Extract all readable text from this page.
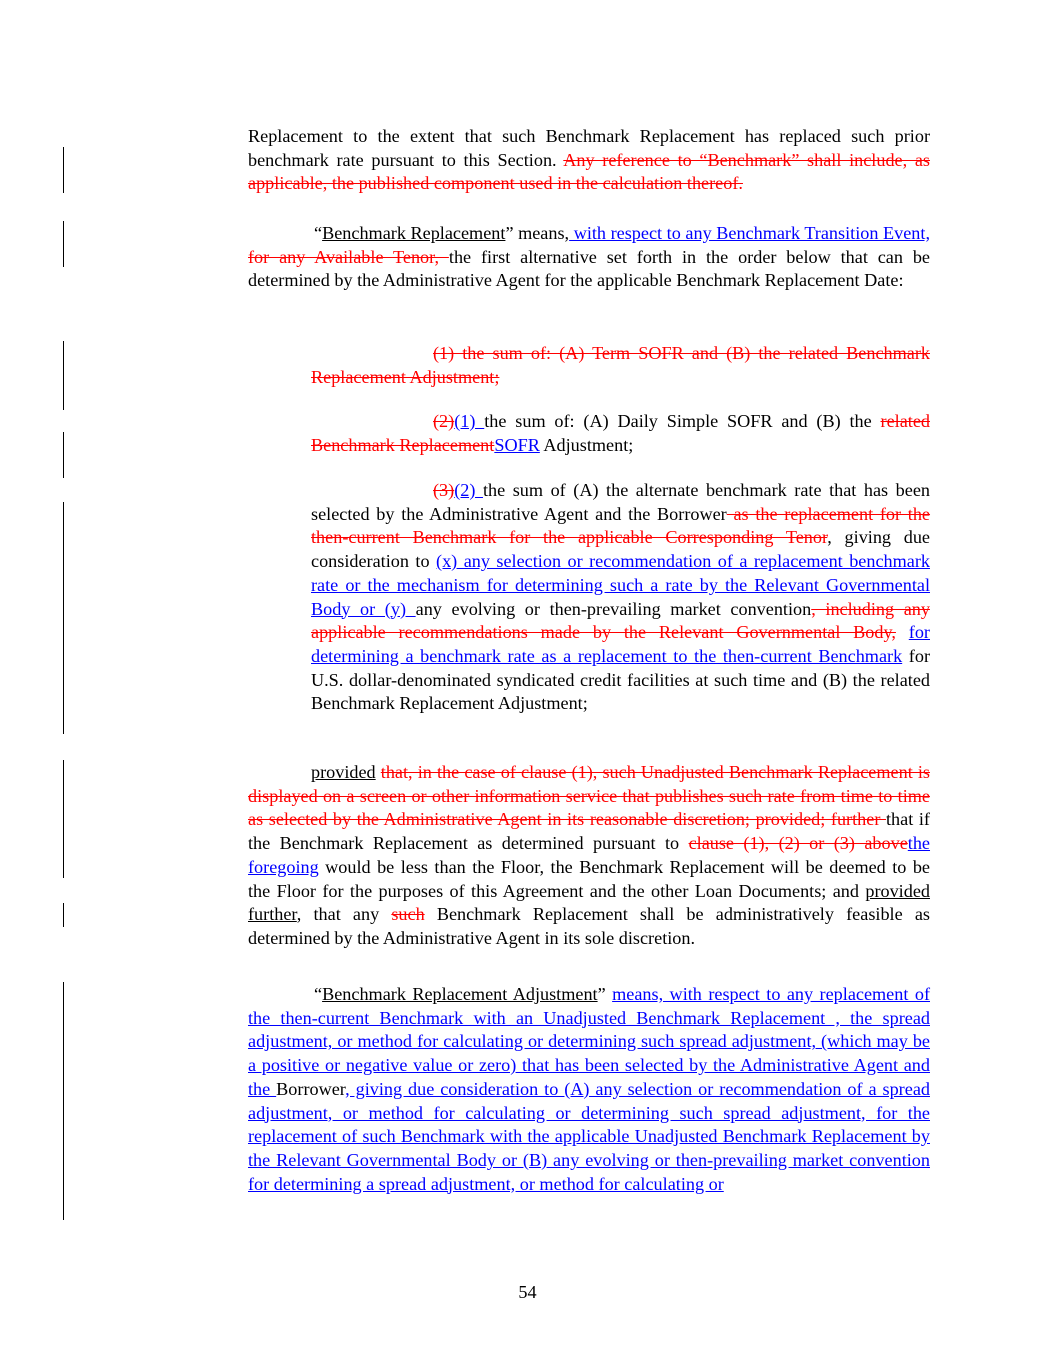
Replacement to the extent that such Benchmark Replacement has replaced such prior benchmark rate pursuant to this Section. Any reference to “Benchmark” shall include, as applicable, the published component used in the calculation thereof.
“Benchmark Replacement” means, with respect to any Benchmark Transition Event, for any Available Tenor, the first alternative set forth in the order below that can be determined by the Administrative Agent for the applicable Benchmark Replacement Date:
(1) the sum of: (A) Term SOFR and (B) the related Benchmark Replacement Adjustment;
(2)(1) the sum of: (A) Daily Simple SOFR and (B) the related Benchmark ReplacementSOFR Adjustment;
(3)(2) the sum of (A) the alternate benchmark rate that has been selected by the Administrative Agent and the Borrower as the replacement for the then-current Benchmark for the applicable Corresponding Tenor, giving due consideration to (x) any selection or recommendation of a replacement benchmark rate or the mechanism for determining such a rate by the Relevant Governmental Body or (y) any evolving or then-prevailing market convention, including any applicable recommendations made by the Relevant Governmental Body, for determining a benchmark rate as a replacement to the then-current Benchmark for U.S. dollar-denominated syndicated credit facilities at such time and (B) the related Benchmark Replacement Adjustment;
provided that, in the case of clause (1), such Unadjusted Benchmark Replacement is displayed on a screen or other information service that publishes such rate from time to time as selected by the Administrative Agent in its reasonable discretion; provided; further that if the Benchmark Replacement as determined pursuant to clause (1), (2) or (3) abovethe foregoing would be less than the Floor, the Benchmark Replacement will be deemed to be the Floor for the purposes of this Agreement and the other Loan Documents; and provided further, that any such Benchmark Replacement shall be administratively feasible as determined by the Administrative Agent in its sole discretion.
“Benchmark Replacement Adjustment” means, with respect to any replacement of the then-current Benchmark with an Unadjusted Benchmark Replacement , the spread adjustment, or method for calculating or determining such spread adjustment, (which may be a positive or negative value or zero) that has been selected by the Administrative Agent and the Borrower, giving due consideration to (A) any selection or recommendation of a spread adjustment, or method for calculating or determining such spread adjustment, for the replacement of such Benchmark with the applicable Unadjusted Benchmark Replacement by the Relevant Governmental Body or (B) any evolving or then-prevailing market convention for determining a spread adjustment, or method for calculating or
54
